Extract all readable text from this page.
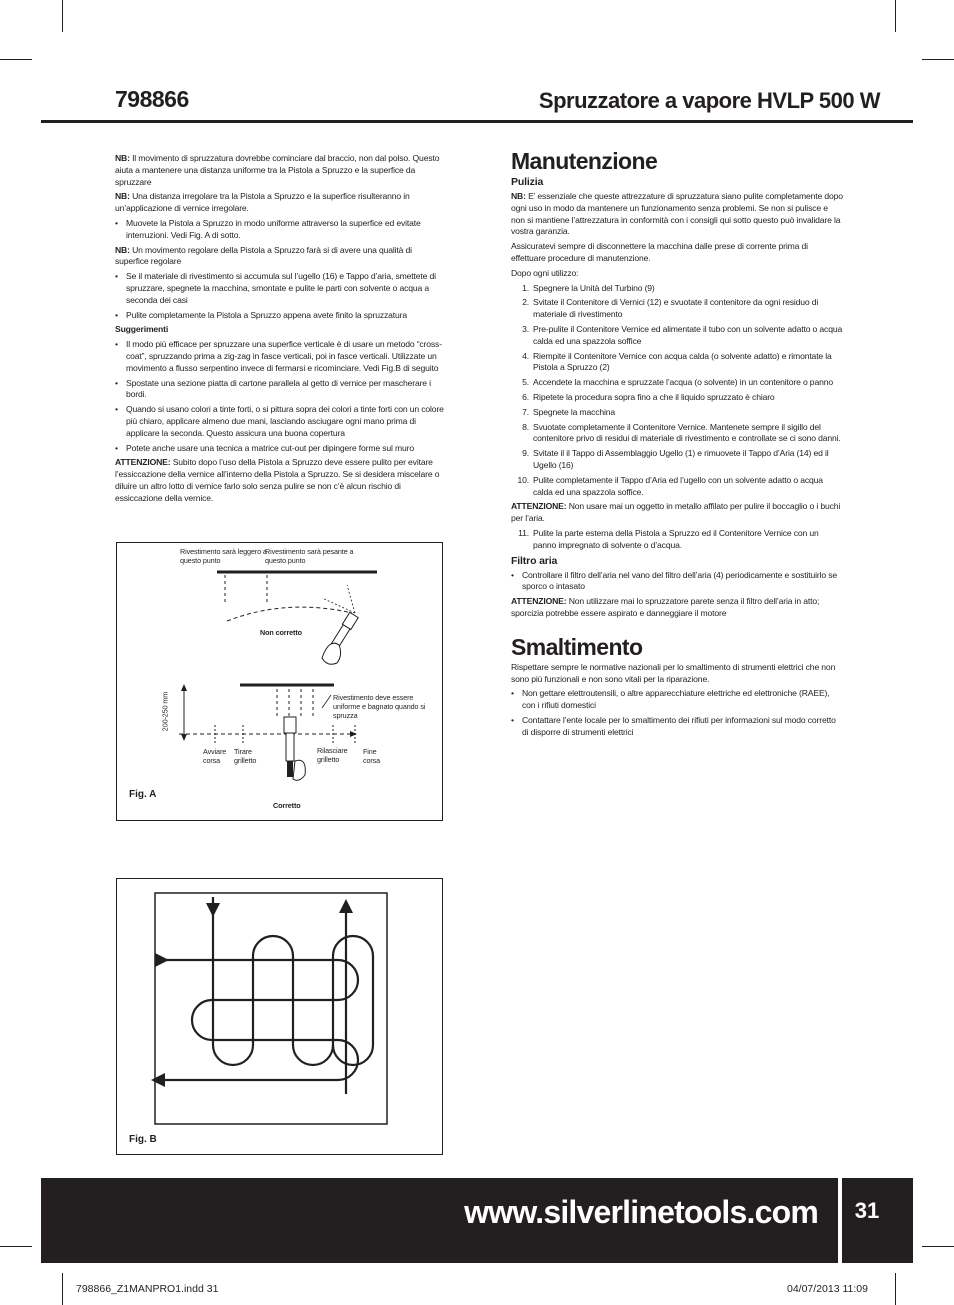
798866	Spruzzatore a vapore HVLP 500 W

NB: Il movimento di spruzzatura dovrebbe cominciare dal braccio, non dal polso. Questo aiuta a mantenere una distanza uniforme tra la Pistola a Spruzzo e la superfice da spruzzare

NB: Una distanza irregolare tra la Pistola a Spruzzo e la superfice risulteranno in un’applicazione di vernice irregolare.

• Muovete la Pistola a Spruzzo in modo uniforme attraverso la superfice ed evitate interruzioni. Vedi Fig. A di sotto.

NB: Un movimento regolare della Pistola a Spruzzo farà si di avere una qualità di superfice regolare

• Se il materiale di rivestimento si accumula sul l’ugello (16) e Tappo d’aria, smettete di spruzzare, spegnete la macchina, smontate e pulite le parti con solvente o acqua a seconda dei casi
• Pulite completamente la Pistola a Spruzzo appena avete finito la spruzzatura

Suggerimenti

• Il modo più efficace per spruzzare una superfice verticale è di usare un metodo “cross-coat”, spruzzando prima a zig-zag in fasce verticali, poi in fasce verticali. Utilizzate un movimento a flusso serpentino invece di fermarsi e ricominciare. Vedi Fig.B di seguito
• Spostate una sezione piatta di cartone parallela al getto di vernice per mascherare i bordi.
• Quando si usano colori a tinte forti, o si pittura sopra dei colori a tinte forti con un colore più chiaro, applicare almeno due mani, lasciando asciugare ogni mano prima di applicare la seconda. Questo assicura una buona copertura
• Potete anche usare una tecnica a matrice cut-out per dipingere forme sul muro

ATTENZIONE: Subito dopo l’uso della Pistola a Spruzzo deve essere pulito per evitare l’essiccazione della vernice all’interno della Pistola a Spruzzo. Se si desidera miscelare o diluire un altro lotto di vernice farlo solo senza pulire se non c’è alcun rischio di essiccazione della vernice.

Rivestimento sarà leggero a questo punto
Rivestimento sarà pesante a questo punto
Non corretto
Rivestimento deve essere uniforme e bagnato quando si spruzza
200-250 mm
Avviare corsa
Tirare grilletto
Rilasciare grilletto
Fine corsa
Corretto
Fig. A
Fig. B
Manutenzione
Pulizia

NB: E’ essenziale che queste attrezzature di spruzzatura siano pulite completamente dopo ogni uso in modo da mantenere un funzionamento senza problemi. Se non si pulisce e non si mantiene l’attrezzatura in conformità con i consigli qui sotto questo può invalidare la vostra garanzia.

Assicuratevi sempre di disconnettere la macchina dalle prese di corrente prima di effettuare procedure di manutenzione.

Dopo ogni utilizzo:

1. Spegnere la Unità del Turbino (9)
2. Svitate il Contenitore di Vernici (12) e svuotate il contenitore da ogni residuo di materiale di rivestimento
3. Pre-pulite il Contenitore Vernice ed alimentate il tubo con un solvente adatto o acqua calda ed una spazzola soffice
4. Riempite il Contenitore Vernice con acqua calda (o solvente adatto) e rimontate la Pistola a Spruzzo (2)
5. Accendete la macchina e spruzzate l’acqua (o solvente) in un contenitore o panno
6. Ripetete la procedura sopra fino a che il liquido spruzzato è chiaro
7. Spegnete la macchina
8. Svuotate completamente il Contenitore Vernice. Mantenete sempre il sigillo del contenitore privo di residui di materiale di rivestimento e controllate se ci sono danni.
9. Svitate il il Tappo di Assemblaggio Ugello (1) e rimuovete il Tappo d’Aria (14) ed il Ugello (16)
10. Pulite completamente il Tappo d’Aria ed l’ugello con un solvente adatto o acqua calda ed una spazzola soffice.

ATTENZIONE: Non usare mai un oggetto in metallo affilato per pulire il boccaglio o i buchi per l’aria.

11. Pulite la parte esterna della Pistola a Spruzzo ed il Contenitore Vernice con un panno impregnato di solvente o d’acqua.
Filtro aria
• Controllare il filtro dell’aria nel vano del filtro dell’aria (4) periodicamente e sostituirlo se sporco o intasato

ATTENZIONE: Non utilizzare mai lo spruzzatore parete senza il filtro dell’aria in atto; sporcizia potrebbe essere aspirato e danneggiare il motore

Smaltimento

Rispettare sempre le normative nazionali per lo smaltimento di strumenti elettrici che non sono più funzionali e non sono vitali per la riparazione.

• Non gettare elettroutensili, o altre apparecchiature elettriche ed elettroniche (RAEE), con i rifiuti domestici
• Contattare l’ente locale per lo smaltimento dei rifiuti per informazioni sul modo corretto di disporre di strumenti elettrici
www.silverlinetools.com	31
798866_Z1MANPRO1.indd 31	04/07/2013 11:09
